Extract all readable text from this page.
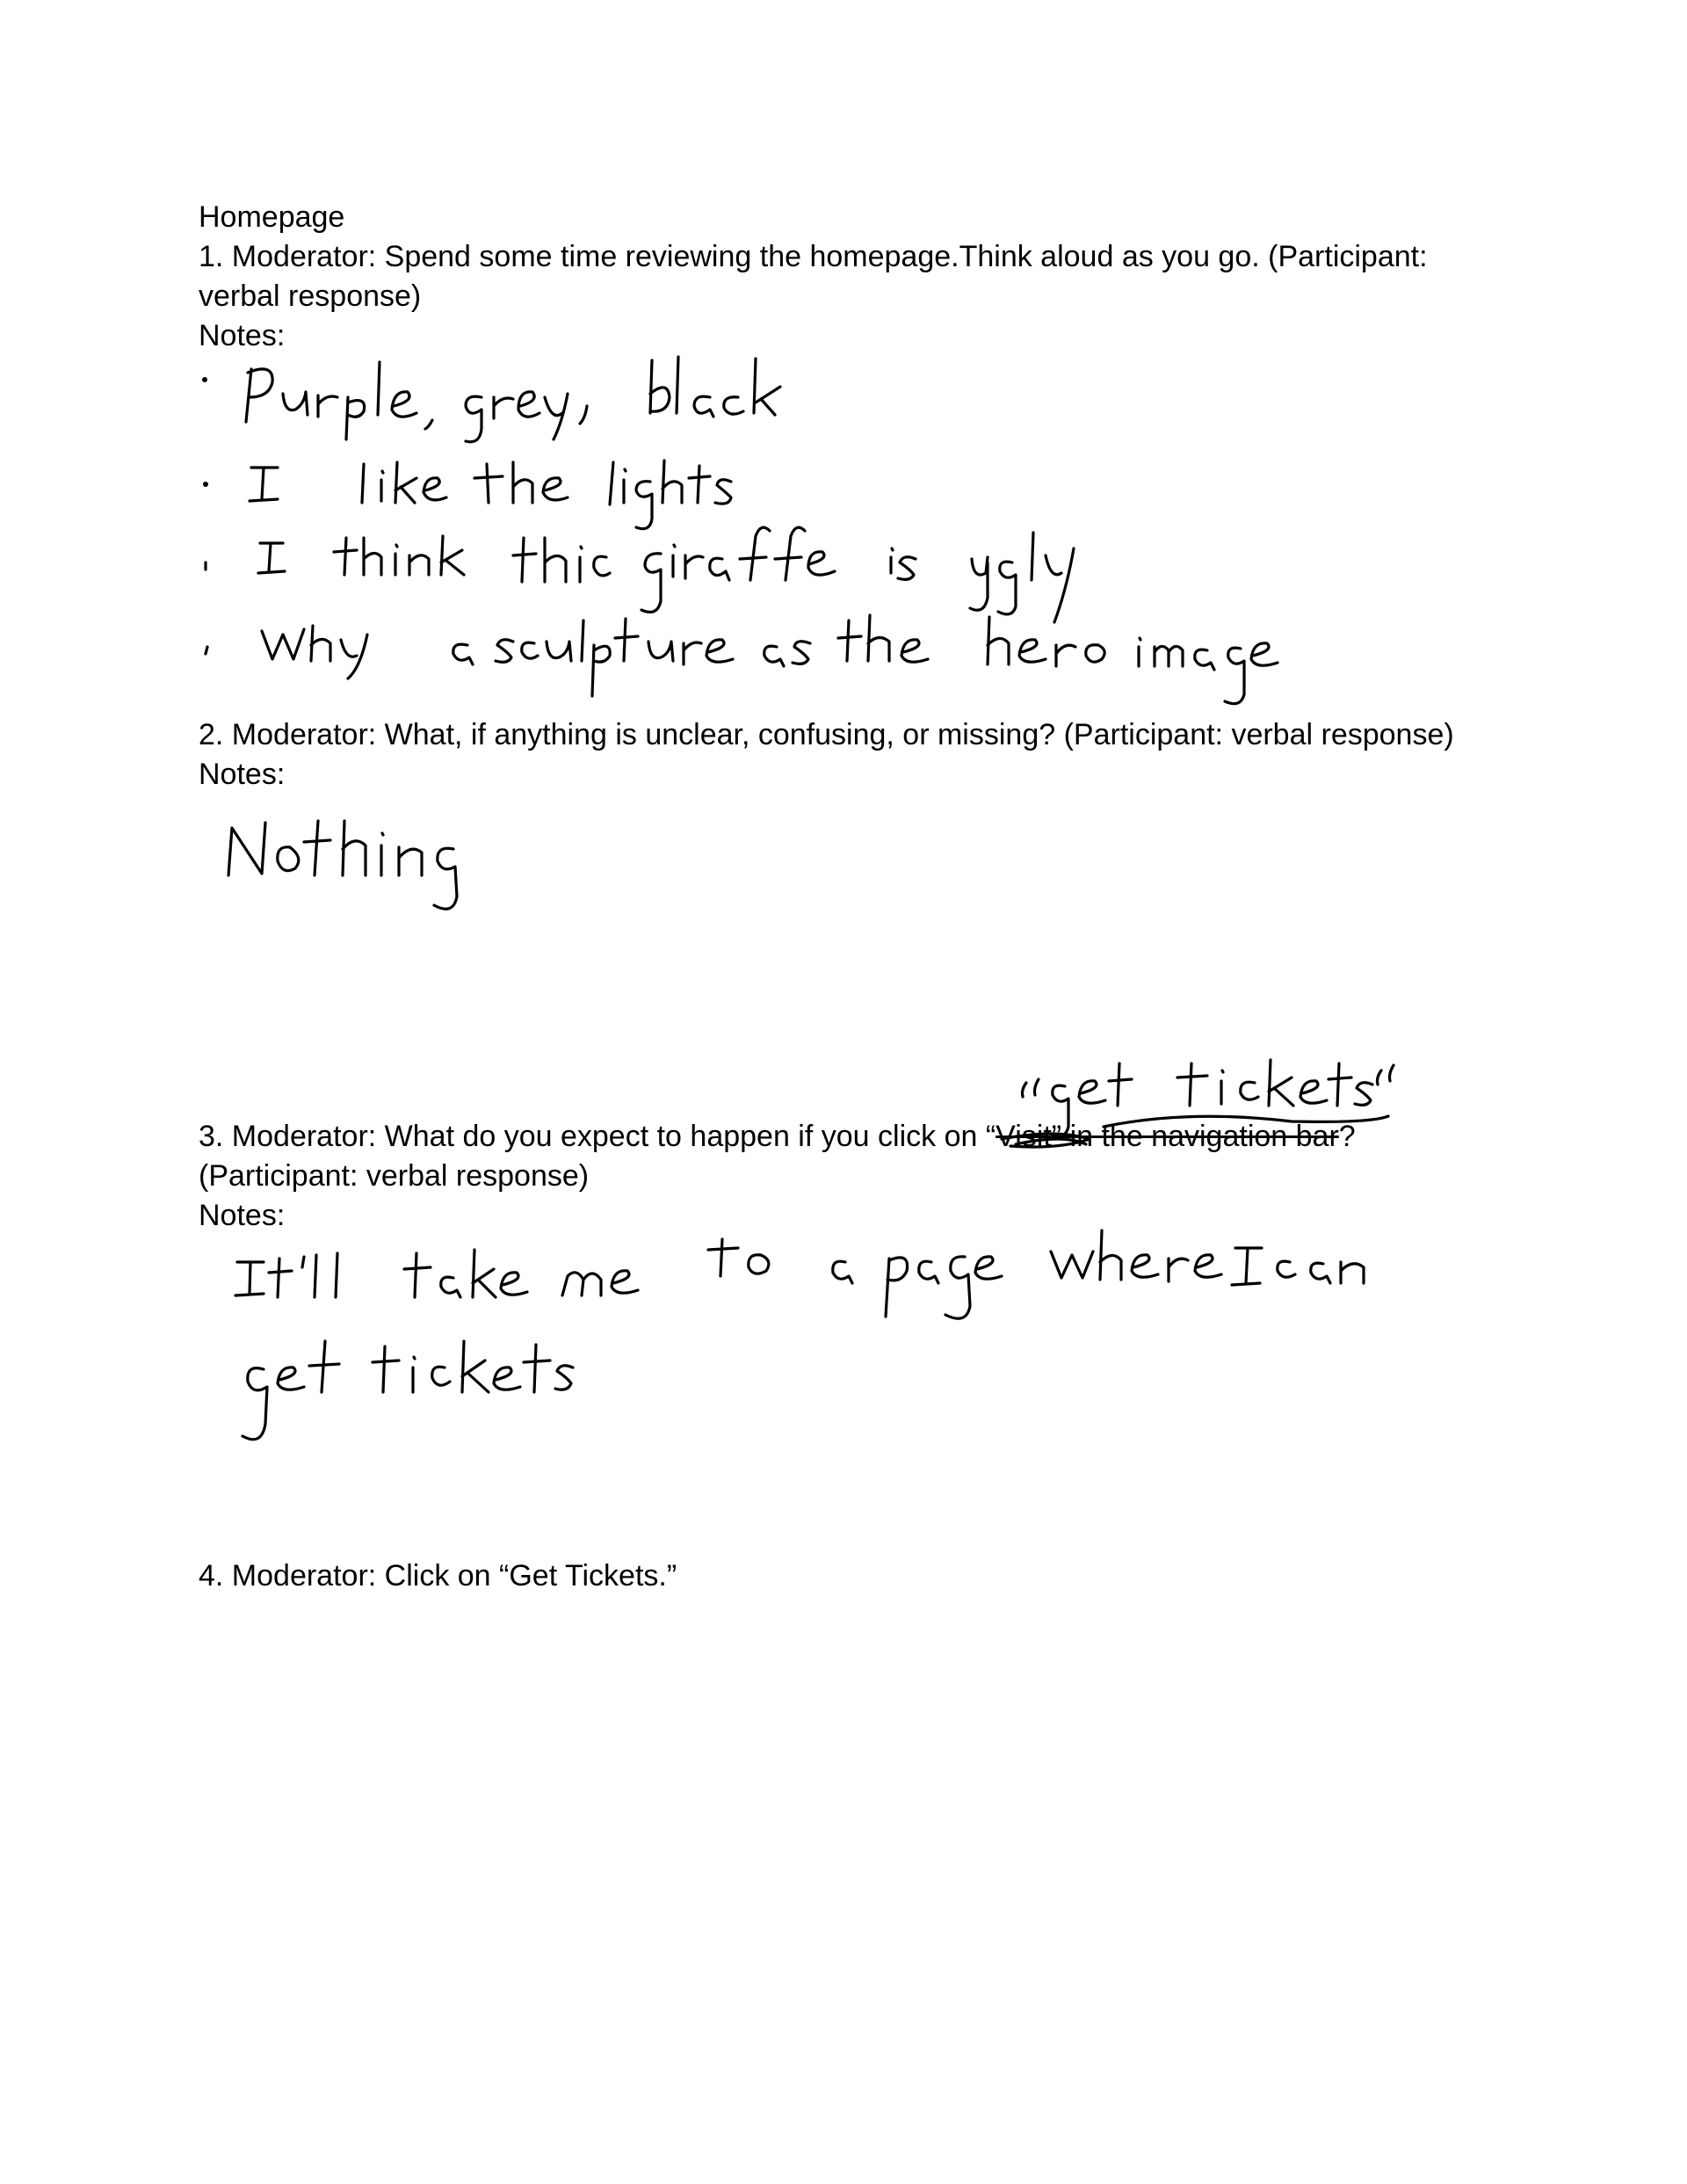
Homepage

1. Moderator: Spend some time reviewing the homepage.Think aloud as you go. (Participant:

verbal response)

Notes:

2. Moderator: What, if anything is unclear, confusing, or missing? (Participant: verbal response)

Notes:

3. Moderator: What do you expect to happen if you click on “Visit” in the navigation bar?

(Participant: verbal response)

Notes:

4. Moderator: Click on “Get Tickets.”
